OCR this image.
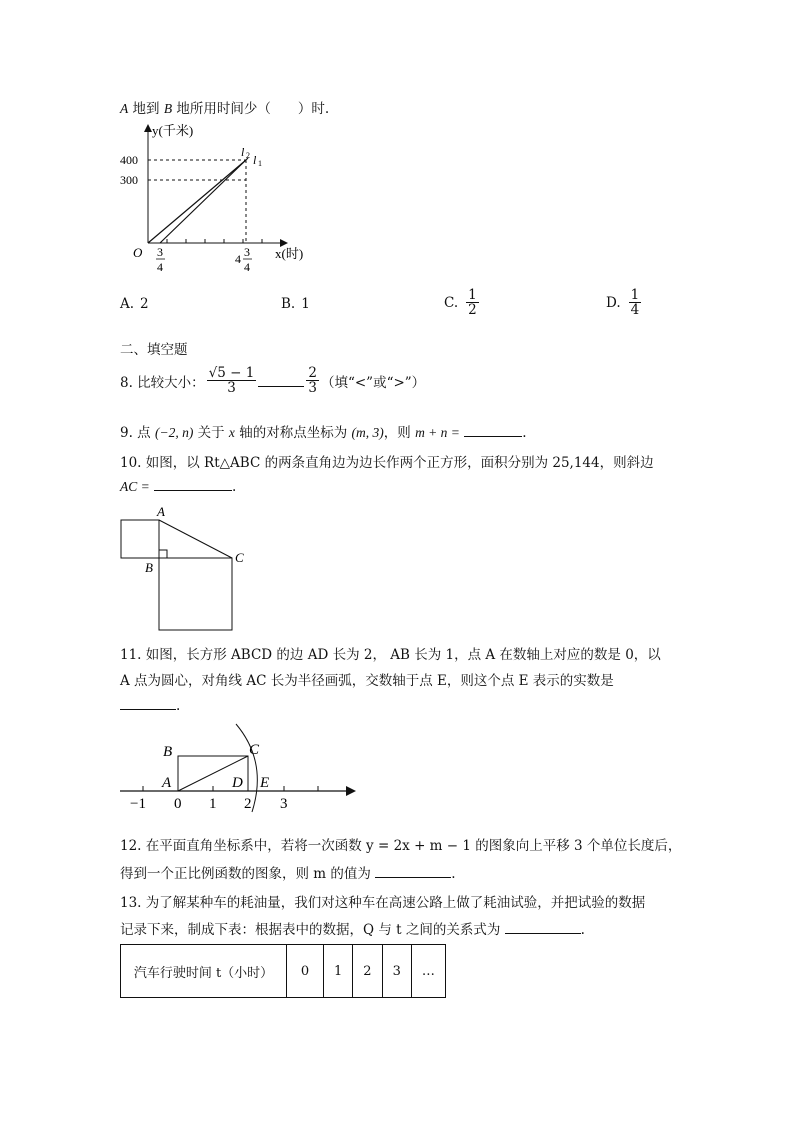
A 地到 B 地所用时间少（　　）时.
y(千米)
400
300
O	x(时)
l 2 l 1
3
4
4 3
4
A. 2	B. 1	C. $\frac{1}{2}$	D. $\frac{1}{4}$
二、填空题
8. 比较大小： $\frac{√5 - 1}{3}$	$\frac{2}{3}$ （填“<”或“>”）
9. 点 (−2, n) 关于 x 轴的对称点坐标为 (m, 3)，则 m + n =	.
10. 如图，以 Rt△ABC 的两条直角边为边长作两个正方形，面积分别为 25,144，则斜边
AC =	.
A
B
C
11. 如图，长方形 ABCD 的边 AD 长为 2， AB 长为 1，点 A 在数轴上对应的数是 0，以
A 点为圆心，对角线 AC 长为半径画弧，交数轴于点 E，则这个点 E 表示的实数是
.
B	C
A	D E
−1 0 1 2 3
12. 在平面直角坐标系中，若将一次函数 y = 2x + m − 1 的图象向上平移 3 个单位长度后，
得到一个正比例函数的图象，则 m 的值为	.
13. 为了解某种车的耗油量，我们对这种车在高速公路上做了耗油试验，并把试验的数据
记录下来，制成下表：根据表中的数据，Q 与 t 之间的关系式为	.
汽车行驶时间 t（小时）	0	1	2	3	…
